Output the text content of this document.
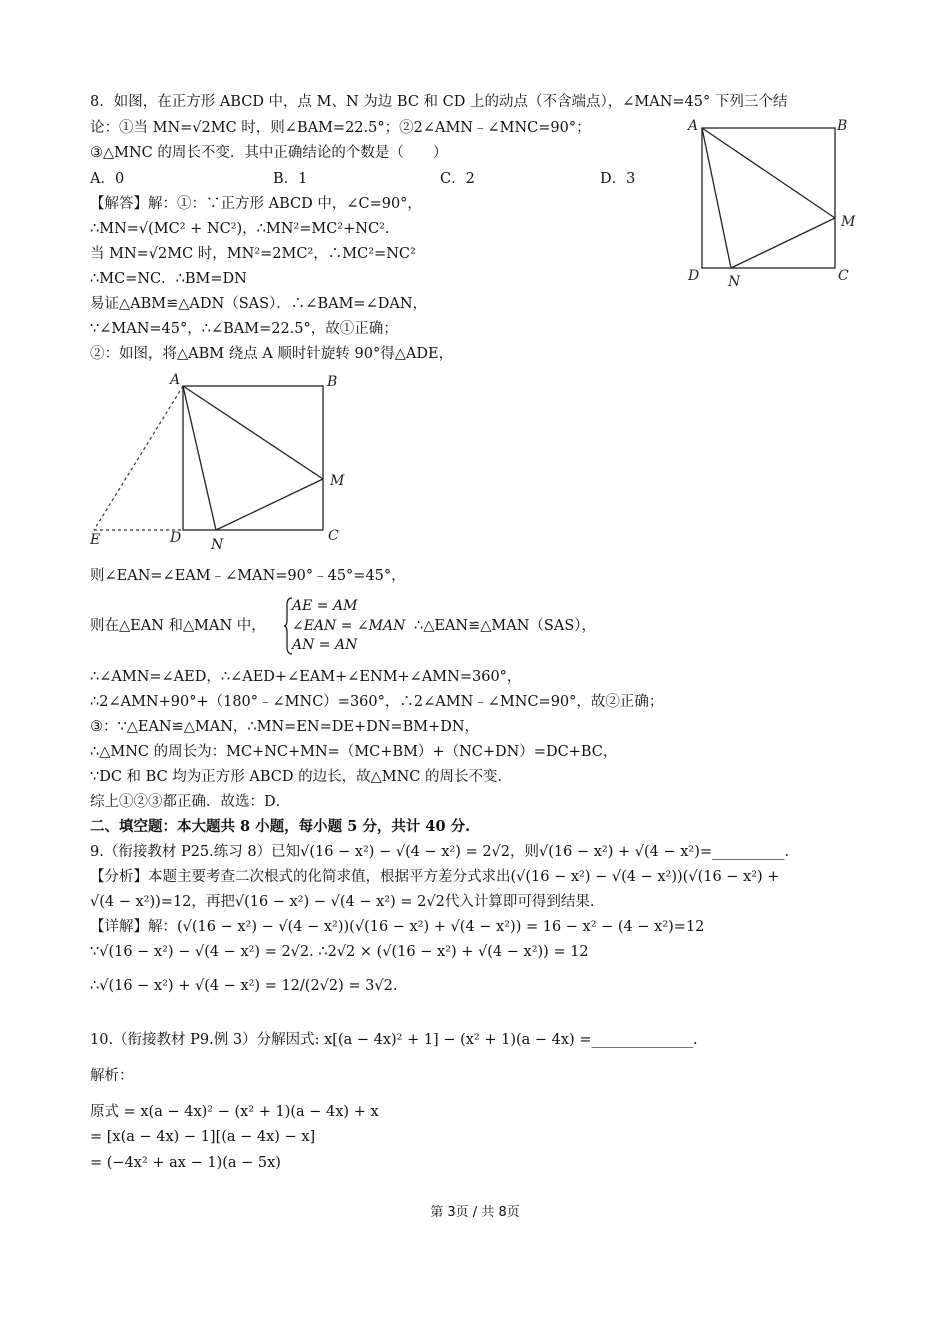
8．如图，在正方形 ABCD 中，点 M、N 为边 BC 和 CD 上的动点（不含端点），∠MAN=45° 下列三个结
论：①当 MN=√2MC 时，则∠BAM=22.5°；②2∠AMN﹣∠MNC=90°；
③△MNC 的周长不变．其中正确结论的个数是（　　）
A．0	B．1	C．2	D．3
【解答】解：①：∵正方形 ABCD 中，∠C=90°，
∴MN=√(MC² + NC²)，∴MN²=MC²+NC².
当 MN=√2MC 时，MN²=2MC²，∴MC²=NC²
∴MC=NC．∴BM=DN
易证△ABM≌△ADN（SAS）．∴∠BAM=∠DAN，
∵∠MAN=45°，∴∠BAM=22.5°，故①正确；
②：如图，将△ABM 绕点 A 顺时针旋转 90°得△ADE，
A	B
C
D
M
N
A	B
C
D
M
N
E
则∠EAN=∠EAM﹣∠MAN=90°﹣45°=45°，
则在△EAN 和△MAN 中，
AE = AM
∠EAN = ∠MAN
AN = AN
∴△EAN≌△MAN（SAS），
∴∠AMN=∠AED，∴∠AED+∠EAM+∠ENM+∠AMN=360°，
∴2∠AMN+90°+（180°﹣∠MNC）=360°，∴2∠AMN﹣∠MNC=90°，故②正确；
③：∵△EAN≌△MAN，∴MN=EN=DE+DN=BM+DN，
∴△MNC 的周长为：MC+NC+MN=（MC+BM）+（NC+DN）=DC+BC，
∵DC 和 BC 均为正方形 ABCD 的边长，故△MNC 的周长不变．
综上①②③都正确．故选：D．
二、填空题：本大题共 8 小题，每小题 5 分，共计 40 分.
9.（衔接教材 P25.练习 8）已知√(16 − x²) − √(4 − x²) = 2√2，则√(16 − x²) + √(4 − x²)=__________.
【分析】本题主要考查二次根式的化简求值，根据平方差分式求出(√(16 − x²) − √(4 − x²))(√(16 − x²) +
√(4 − x²))=12，再把√(16 − x²) − √(4 − x²) = 2√2代入计算即可得到结果.
【详解】解：(√(16 − x²) − √(4 − x²))(√(16 − x²) + √(4 − x²)) = 16 − x² − (4 − x²)=12
∵√(16 − x²) − √(4 − x²) = 2√2. ∴2√2 × (√(16 − x²) + √(4 − x²)) = 12
∴√(16 − x²) + √(4 − x²) = 12/(2√2) = 3√2.
10.（衔接教材 P9.例 3）分解因式: x[(a − 4x)² + 1] − (x² + 1)(a − 4x) =______________.
解析：
原式 = x(a − 4x)² − (x² + 1)(a − 4x) + x
= [x(a − 4x) − 1][(a − 4x) − x]
= (−4x² + ax − 1)(a − 5x)
第 3页 / 共 8页
